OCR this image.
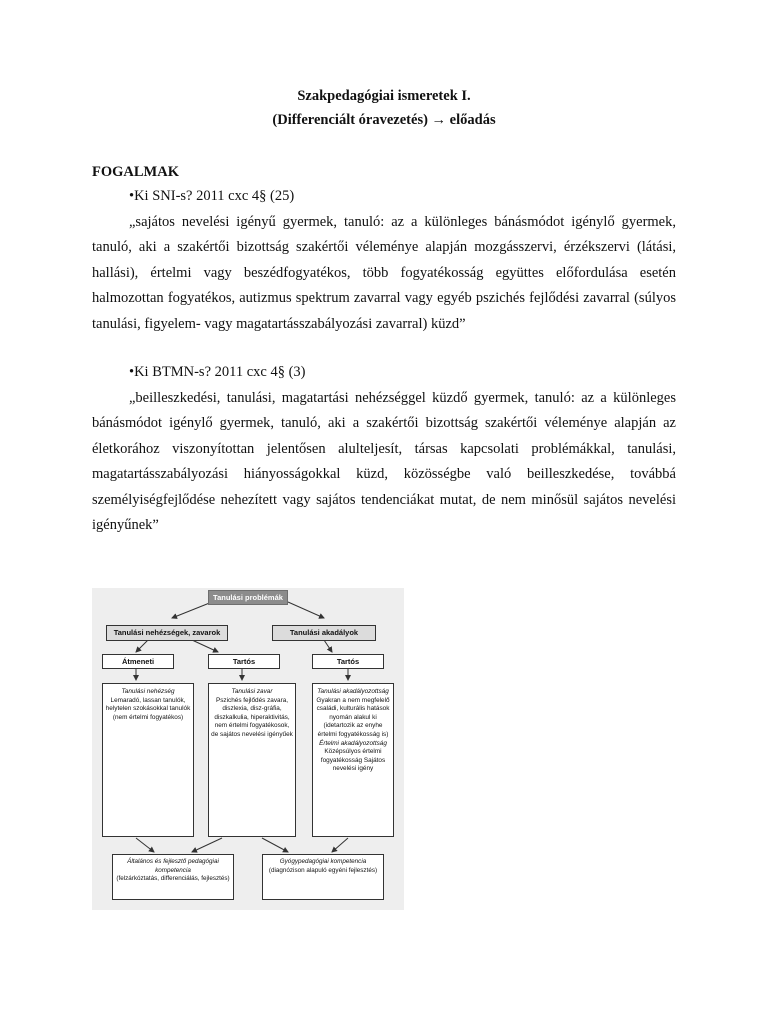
Szakpedagógiai ismeretek I.
(Differenciált óravezetés) → előadás
FOGALMAK
•Ki SNI-s? 2011 cxc 4§ (25)
„sajátos nevelési igényű gyermek, tanuló: az a különleges bánásmódot igénylő gyermek, tanuló, aki a szakértői bizottság szakértői véleménye alapján mozgásszervi, érzékszervi (látási, hallási), értelmi vagy beszédfogyatékos, több fogyatékosság együttes előfordulása esetén halmozottan fogyatékos, autizmus spektrum zavarral vagy egyéb pszichés fejlődési zavarral (súlyos tanulási, figyelem- vagy magatartásszabályozási zavarral) küzd”
•Ki BTMN-s? 2011 cxc 4§ (3)
„beilleszkedési, tanulási, magatartási nehézséggel küzdő gyermek, tanuló: az a különleges bánásmódot igénylő gyermek, tanuló, aki a szakértői bizottság szakértői véleménye alapján az életkorához viszonyítottan jelentősen alulteljesít, társas kapcsolati problémákkal, tanulási, magatartásszabályozási hiányosságokkal küzd, közösségbe való beilleszkedése, továbbá személyiségfejlődése nehezített vagy sajátos tendenciákat mutat, de nem minősül sajátos nevelési igényűnek”
Tanulási problémák
Tanulási nehézségek, zavarok	Tanulási akadályok
Átmeneti	Tartós	Tartós
Tanulási nehézség
Lemaradó, lassan tanulók, helytelen szokásokkal tanulók (nem értelmi fogyatékos)
Tanulási zavar
Pszichés fejlődés zavara, diszlexia, disz-gráfia, diszkalkulia, hiperaktivitás, nem értelmi fogyatékosok, de sajátos nevelési igényűek
Tanulási akadályozottság
Gyakran a nem megfelelő családi, kulturális hatások nyomán alakul ki (idetartozik az enyhe értelmi fogyatékosság is)
Értelmi akadályozottság
Középsúlyos értelmi fogyatékosság Sajátos nevelési igény
Általános és fejlesztő pedagógiai kompetencia
(felzárkóztatás, differenciálás, fejlesztés)
Gyógypedagógiai kompetencia
(diagnózison alapuló egyéni fejlesztés)
